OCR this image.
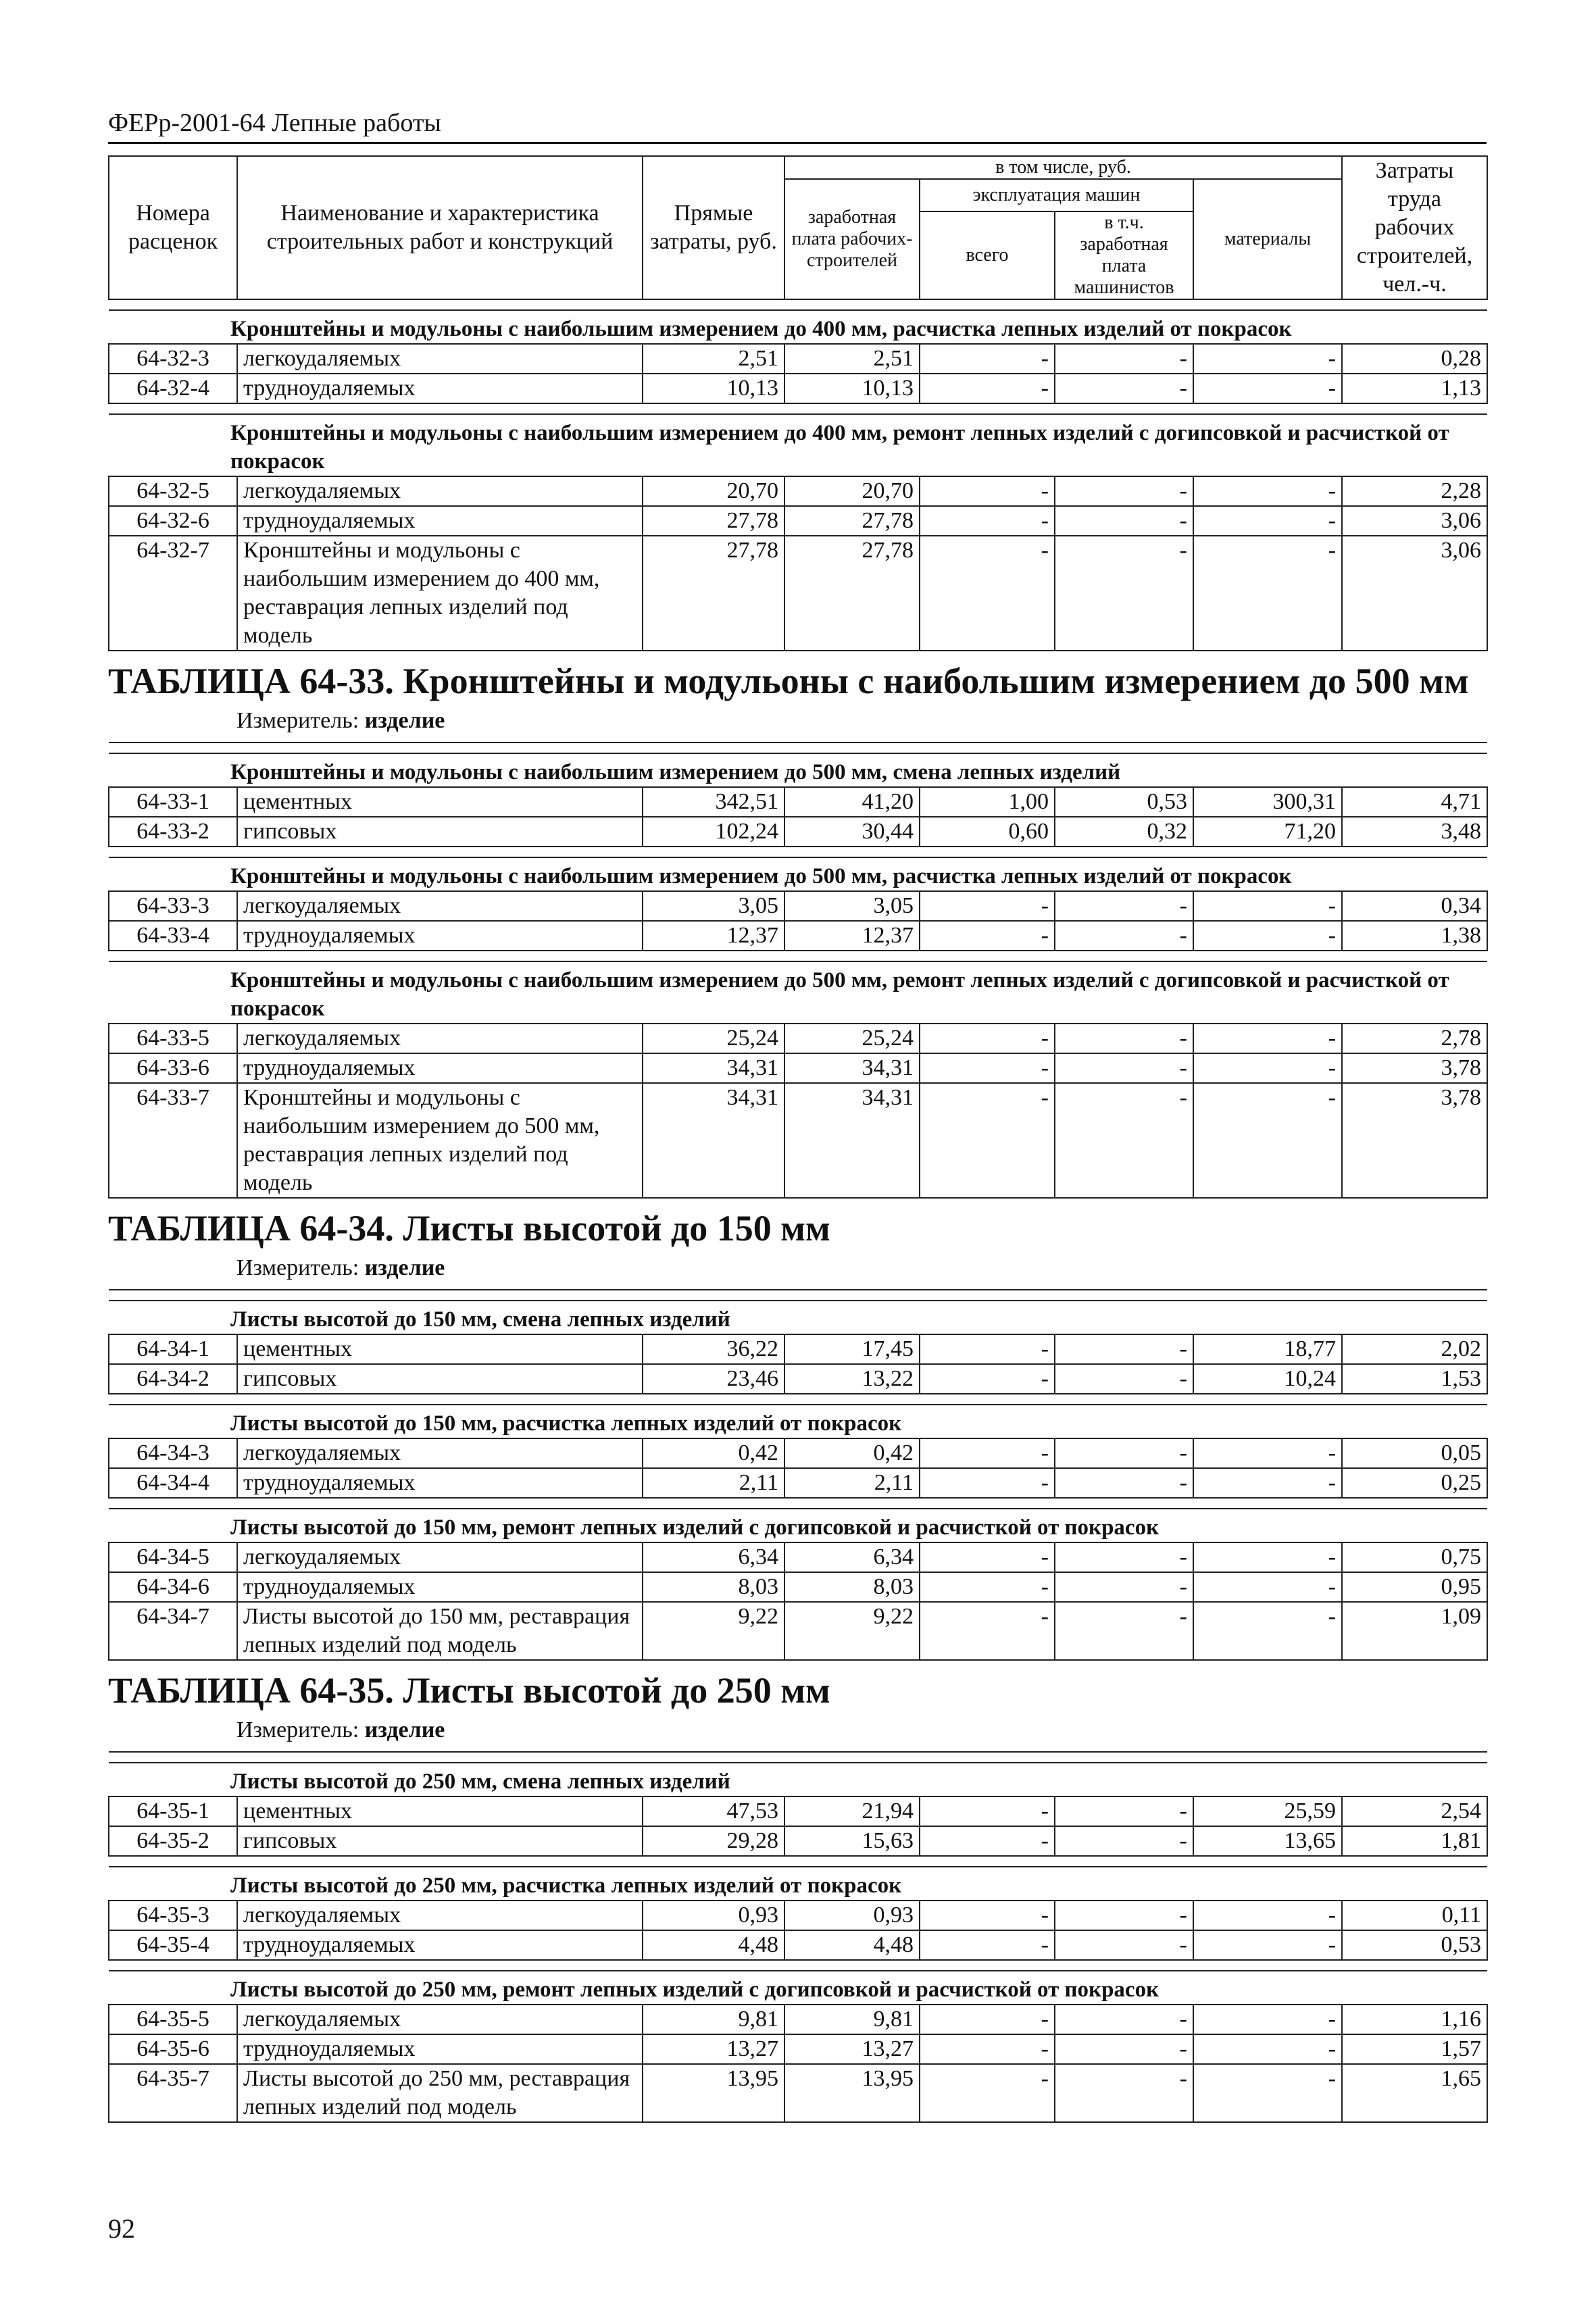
ФЕРр-2001-64 Лепные работы
Номера расценок	Наименование и характеристика строительных работ и конструкций	Прямые затраты, руб.	в том числе, руб.				Затраты труда рабочих строителей, чел.-ч.
			заработная плата рабочих-строителей	эксплуатация машин		материалы	
				всего	в т.ч. заработная плата машинистов		

Кронштейны и модульоны с наибольшим измерением до 400 мм, расчистка лепных изделий от покрасок							
64-32-3	легкоудаляемых	2,51	2,51	-	-	-	0,28
64-32-4	трудноудаляемых	10,13	10,13	-	-	-	1,13

Кронштейны и модульоны с наибольшим измерением до 400 мм, ремонт лепных изделий с догипсовкой и расчисткой от покрасок							
64-32-5	легкоудаляемых	20,70	20,70	-	-	-	2,28
64-32-6	трудноудаляемых	27,78	27,78	-	-	-	3,06
64-32-7	Кронштейны и модульоны с наибольшим измерением до 400 мм, реставрация лепных изделий под модель	27,78	27,78	-	-	-	3,06
ТАБЛИЦА 64-33. Кронштейны и модульоны с наибольшим измерением до 500 мм
Измеритель: изделие

Кронштейны и модульоны с наибольшим измерением до 500 мм, смена лепных изделий							
64-33-1	цементных	342,51	41,20	1,00	0,53	300,31	4,71
64-33-2	гипсовых	102,24	30,44	0,60	0,32	71,20	3,48

Кронштейны и модульоны с наибольшим измерением до 500 мм, расчистка лепных изделий от покрасок							
64-33-3	легкоудаляемых	3,05	3,05	-	-	-	0,34
64-33-4	трудноудаляемых	12,37	12,37	-	-	-	1,38

Кронштейны и модульоны с наибольшим измерением до 500 мм, ремонт лепных изделий с догипсовкой и расчисткой от покрасок							
64-33-5	легкоудаляемых	25,24	25,24	-	-	-	2,78
64-33-6	трудноудаляемых	34,31	34,31	-	-	-	3,78
64-33-7	Кронштейны и модульоны с наибольшим измерением до 500 мм, реставрация лепных изделий под модель	34,31	34,31	-	-	-	3,78
ТАБЛИЦА 64-34. Листы высотой до 150 мм
Измеритель: изделие

Листы высотой до 150 мм, смена лепных изделий							
64-34-1	цементных	36,22	17,45	-	-	18,77	2,02
64-34-2	гипсовых	23,46	13,22	-	-	10,24	1,53

Листы высотой до 150 мм, расчистка лепных изделий от покрасок							
64-34-3	легкоудаляемых	0,42	0,42	-	-	-	0,05
64-34-4	трудноудаляемых	2,11	2,11	-	-	-	0,25

Листы высотой до 150 мм, ремонт лепных изделий с догипсовкой и расчисткой от покрасок							
64-34-5	легкоудаляемых	6,34	6,34	-	-	-	0,75
64-34-6	трудноудаляемых	8,03	8,03	-	-	-	0,95
64-34-7	Листы высотой до 150 мм, реставрация лепных изделий под модель	9,22	9,22	-	-	-	1,09
ТАБЛИЦА 64-35. Листы высотой до 250 мм
Измеритель: изделие

Листы высотой до 250 мм, смена лепных изделий							
64-35-1	цементных	47,53	21,94	-	-	25,59	2,54
64-35-2	гипсовых	29,28	15,63	-	-	13,65	1,81

Листы высотой до 250 мм, расчистка лепных изделий от покрасок							
64-35-3	легкоудаляемых	0,93	0,93	-	-	-	0,11
64-35-4	трудноудаляемых	4,48	4,48	-	-	-	0,53

Листы высотой до 250 мм, ремонт лепных изделий с догипсовкой и расчисткой от покрасок							
64-35-5	легкоудаляемых	9,81	9,81	-	-	-	1,16
64-35-6	трудноудаляемых	13,27	13,27	-	-	-	1,57
64-35-7	Листы высотой до 250 мм, реставрация лепных изделий под модель	13,95	13,95	-	-	-	1,65
92
